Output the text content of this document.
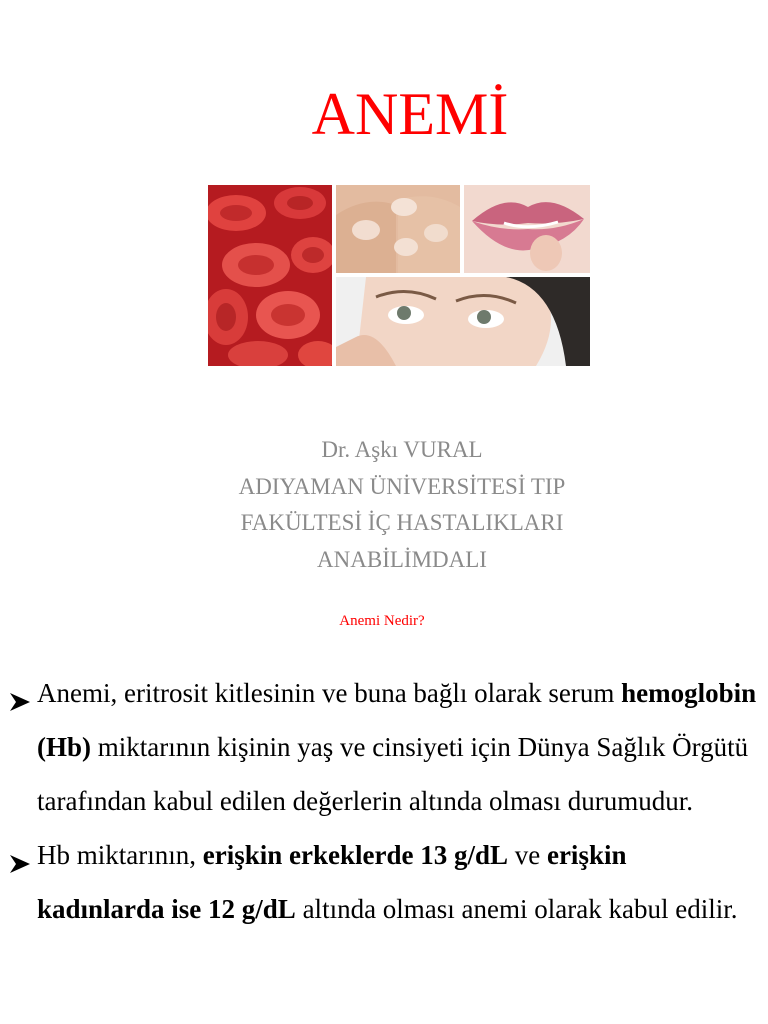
ANEMİ
Dr. Aşkı VURAL
ADIYAMAN ÜNİVERSİTESİ TIP
FAKÜLTESİ İÇ HASTALIKLARI
ANABİLİMDALI
Anemi Nedir?
Anemi, eritrosit kitlesinin ve buna bağlı olarak serum hemoglobin (Hb) miktarının kişinin yaş ve cinsiyeti için Dünya Sağlık Örgütü tarafından kabul edilen değerlerin altında olması durumudur.
Hb miktarının, erişkin erkeklerde 13 g/dL ve erişkin kadınlarda ise 12 g/dL altında olması anemi olarak kabul edilir.
